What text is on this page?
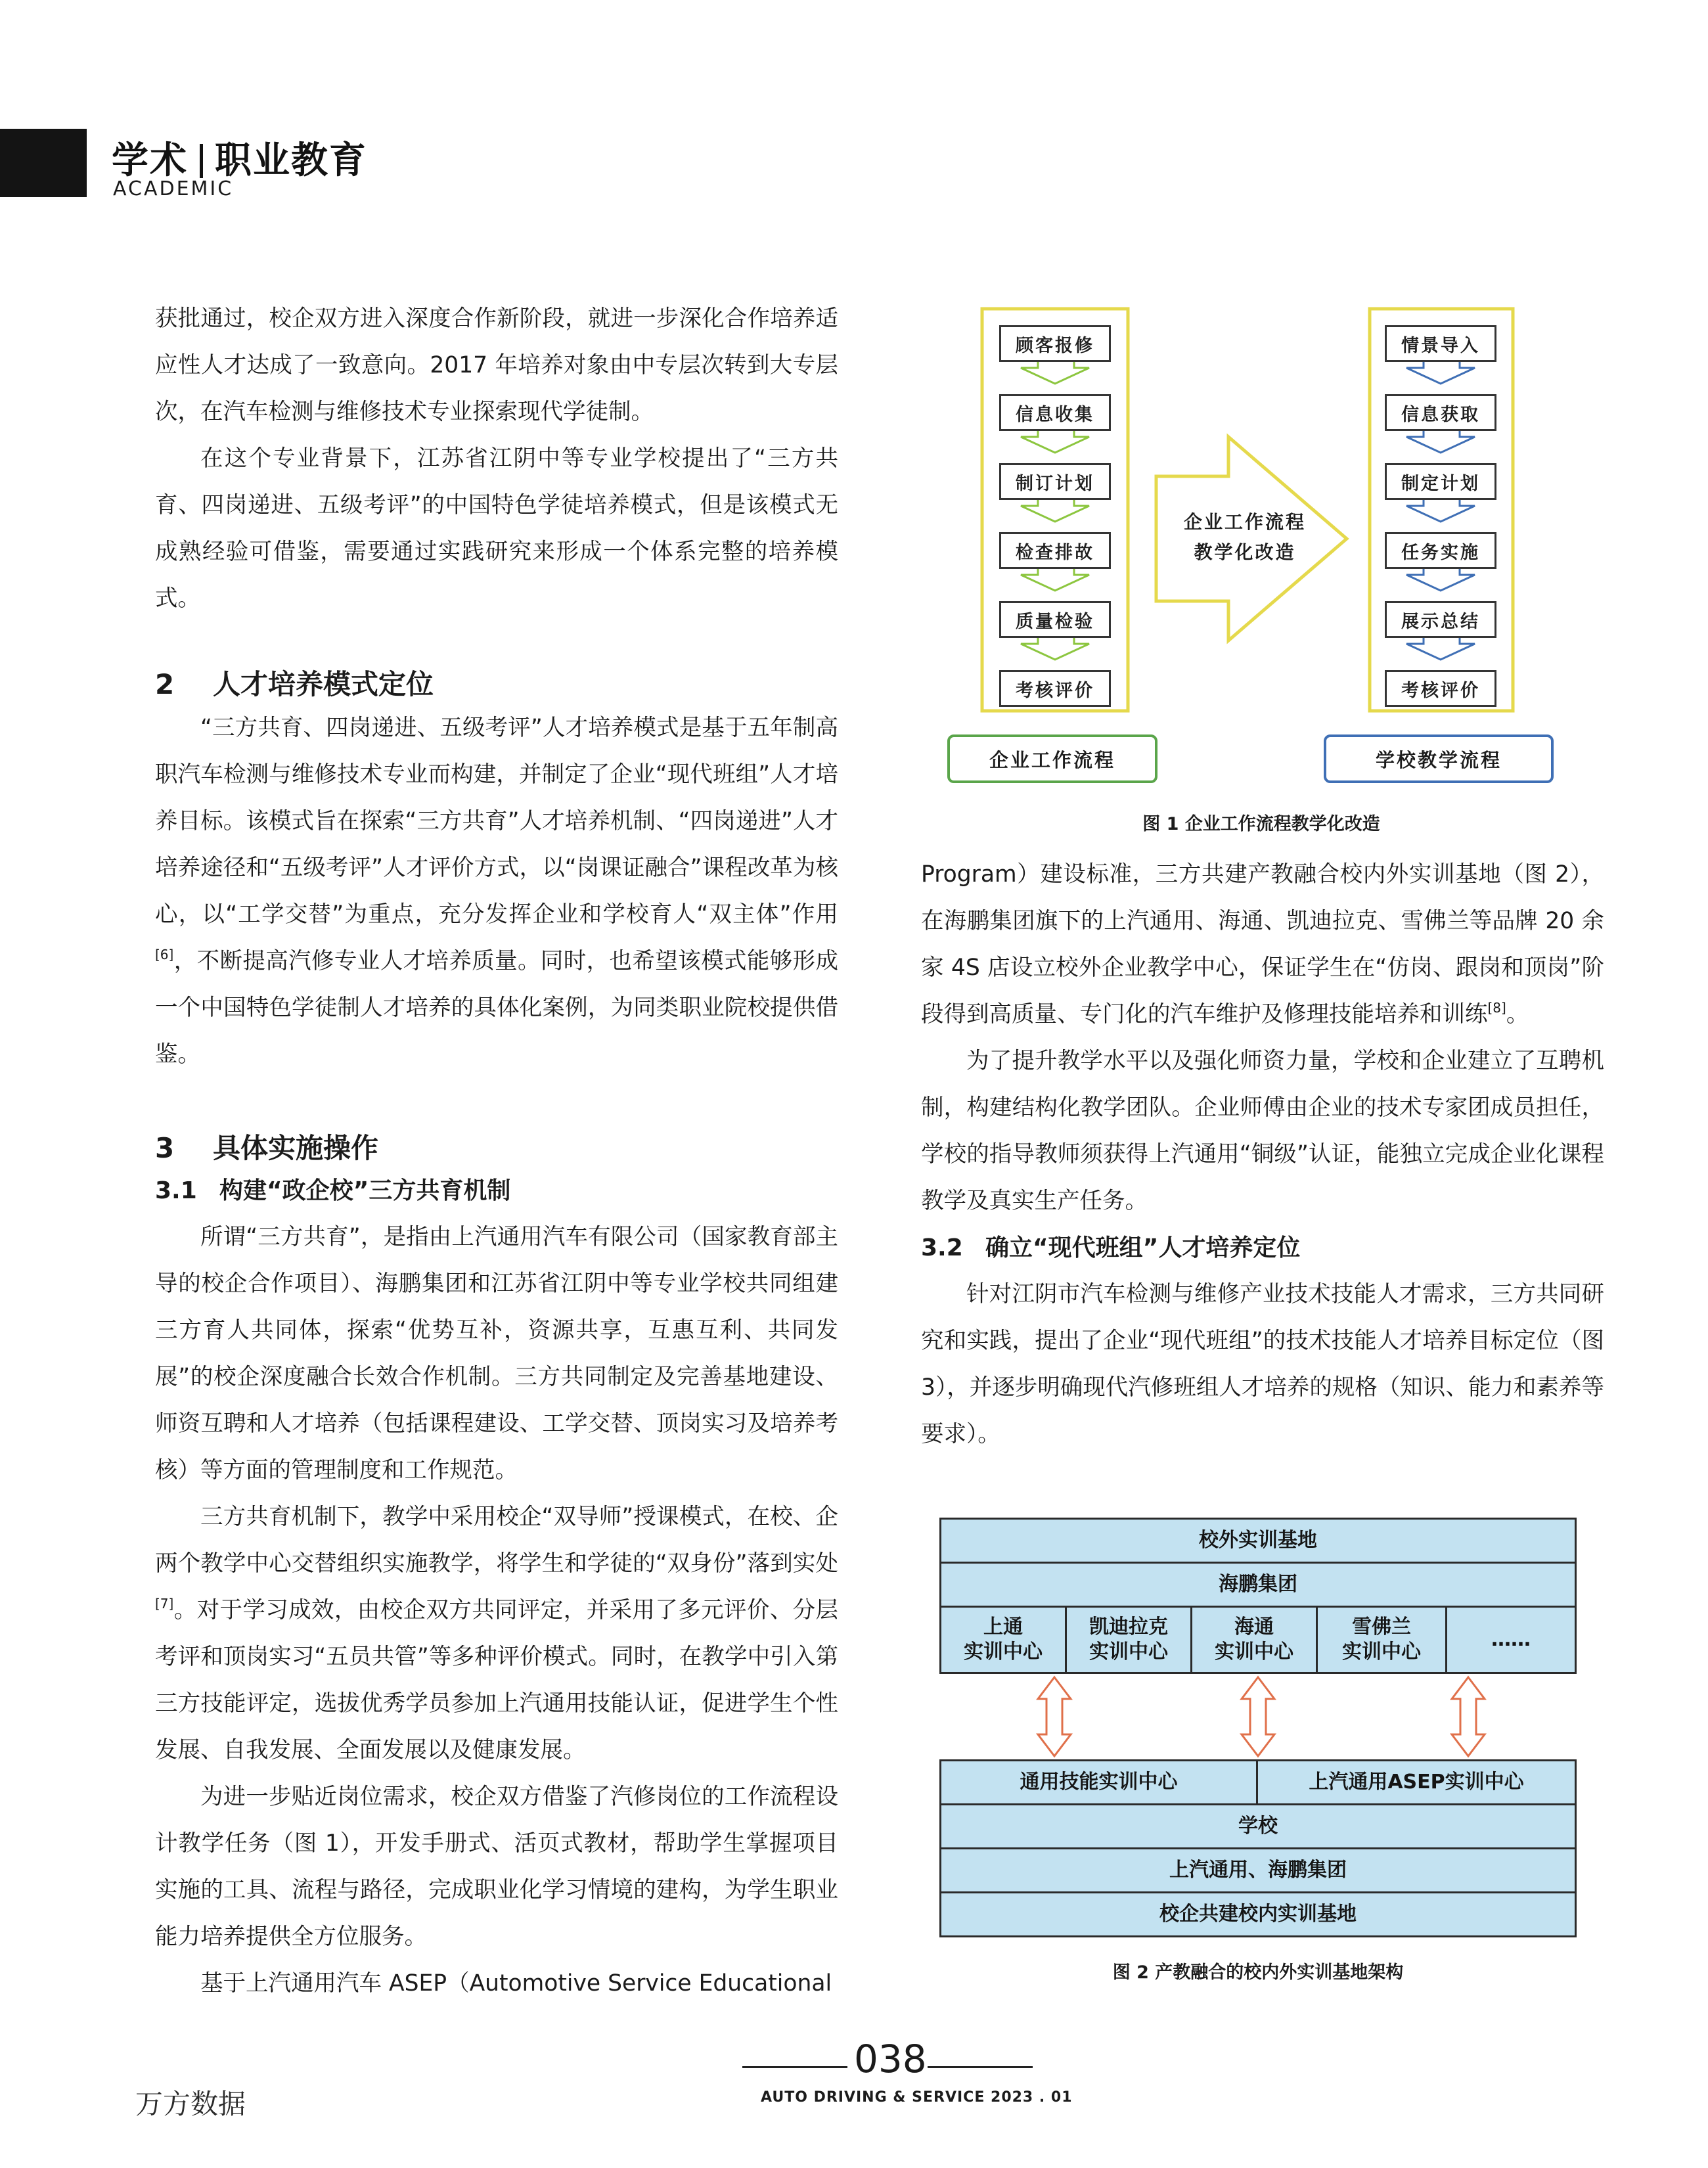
学术 职业教育
ACADEMIC

获批通过，校企双方进入深度合作新阶段，就进一步深化合作培养适应性人才达成了一致意向。2017 年培养对象由中专层次转到大专层次，在汽车检测与维修技术专业探索现代学徒制。

在这个专业背景下，江苏省江阴中等专业学校提出了“三方共育、四岗递进、五级考评”的中国特色学徒培养模式，但是该模式无成熟经验可借鉴，需要通过实践研究来形成一个体系完整的培养模式。

2 人才培养模式定位

“三方共育、四岗递进、五级考评”人才培养模式是基于五年制高职汽车检测与维修技术专业而构建，并制定了企业“现代班组”人才培养目标。该模式旨在探索“三方共育”人才培养机制、“四岗递进”人才培养途径和“五级考评”人才评价方式，以“岗课证融合”课程改革为核心，以“工学交替”为重点，充分发挥企业和学校育人“双主体”作用[6]，不断提高汽修专业人才培养质量。同时，也希望该模式能够形成一个中国特色学徒制人才培养的具体化案例，为同类职业院校提供借鉴。

3 具体实施操作

3.1 构建“政企校”三方共育机制

所谓“三方共育”，是指由上汽通用汽车有限公司（国家教育部主导的校企合作项目）、海鹏集团和江苏省江阴中等专业学校共同组建三方育人共同体，探索“优势互补，资源共享，互惠互利、共同发展”的校企深度融合长效合作机制。三方共同制定及完善基地建设、师资互聘和人才培养（包括课程建设、工学交替、顶岗实习及培养考核）等方面的管理制度和工作规范。

三方共育机制下，教学中采用校企“双导师”授课模式，在校、企两个教学中心交替组织实施教学，将学生和学徒的“双身份”落到实处[7]。对于学习成效，由校企双方共同评定，并采用了多元评价、分层考评和顶岗实习“五员共管”等多种评价模式。同时，在教学中引入第三方技能评定，选拔优秀学员参加上汽通用技能认证，促进学生个性发展、自我发展、全面发展以及健康发展。

为进一步贴近岗位需求，校企双方借鉴了汽修岗位的工作流程设计教学任务（图 1），开发手册式、活页式教材，帮助学生掌握项目实施的工具、流程与路径，完成职业化学习情境的建构，为学生职业能力培养提供全方位服务。

基于上汽通用汽车 ASEP（Automotive Service Educational

顾客报修
信息收集
制订计划
检查排故
质量检验
考核评价
情景导入
信息获取
制定计划
任务实施
展示总结
考核评价
企业工作流程
教学化改造
企业工作流程	学校教学流程
图 1 企业工作流程教学化改造

Program）建设标准，三方共建产教融合校内外实训基地（图 2），在海鹏集团旗下的上汽通用、海通、凯迪拉克、雪佛兰等品牌 20 余家 4S 店设立校外企业教学中心，保证学生在“仿岗、跟岗和顶岗”阶段得到高质量、专门化的汽车维护及修理技能培养和训练[8]。

为了提升教学水平以及强化师资力量，学校和企业建立了互聘机制，构建结构化教学团队。企业师傅由企业的技术专家团成员担任，学校的指导教师须获得上汽通用“铜级”认证，能独立完成企业化课程教学及真实生产任务。

3.2 确立“现代班组”人才培养定位

针对江阴市汽车检测与维修产业技术技能人才需求，三方共同研究和实践，提出了企业“现代班组”的技术技能人才培养目标定位（图 3），并逐步明确现代汽修班组人才培养的规格（知识、能力和素养等要求）。

校外实训基地
海鹏集团
上通
实训中心
凯迪拉克
实训中心
海通
实训中心
雪佛兰
实训中心
……
通用技能实训中心	上汽通用ASEP实训中心
学校
上汽通用、海鹏集团
校企共建校内实训基地
图 2 产教融合的校内外实训基地架构
038
AUTO DRIVING & SERVICE 2023 . 01
万方数据
